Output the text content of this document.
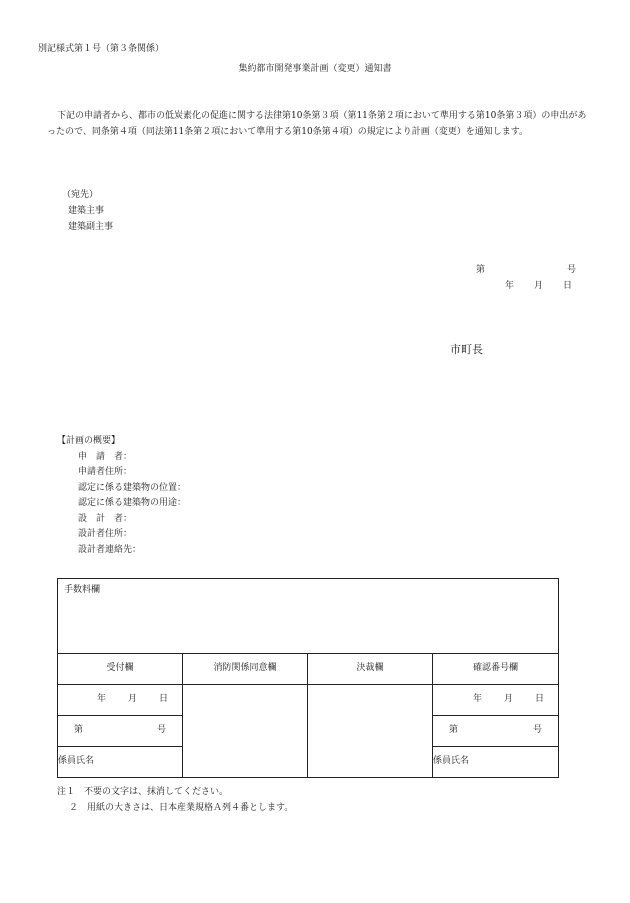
別記様式第１号（第３条関係）
集約都市開発事業計画（変更）通知書
下記の申請者から、都市の低炭素化の促進に関する法律第10条第３項（第11条第２項において準用する第10条第３項）の申出があったので、同条第４項（同法第11条第２項において準用する第10条第４項）の規定により計画（変更）を通知します。
（宛先）
建築主事
建築副主事
第	号
年 月 日
市町長
【計画の概要】
申　請　者：
申請者住所：
認定に係る建築物の位置：
認定に係る建築物の用途：
設　計　者：
設計者住所：
設計者連絡先：
手数料欄			
受付欄	消防関係同意欄	決裁欄	確認番号欄

年 月 日			年 月 日

第 号			第 号

係員氏名			係員氏名
注１　不要の文字は、抹消してください。
２　用紙の大きさは、日本産業規格Ａ列４番とします。
